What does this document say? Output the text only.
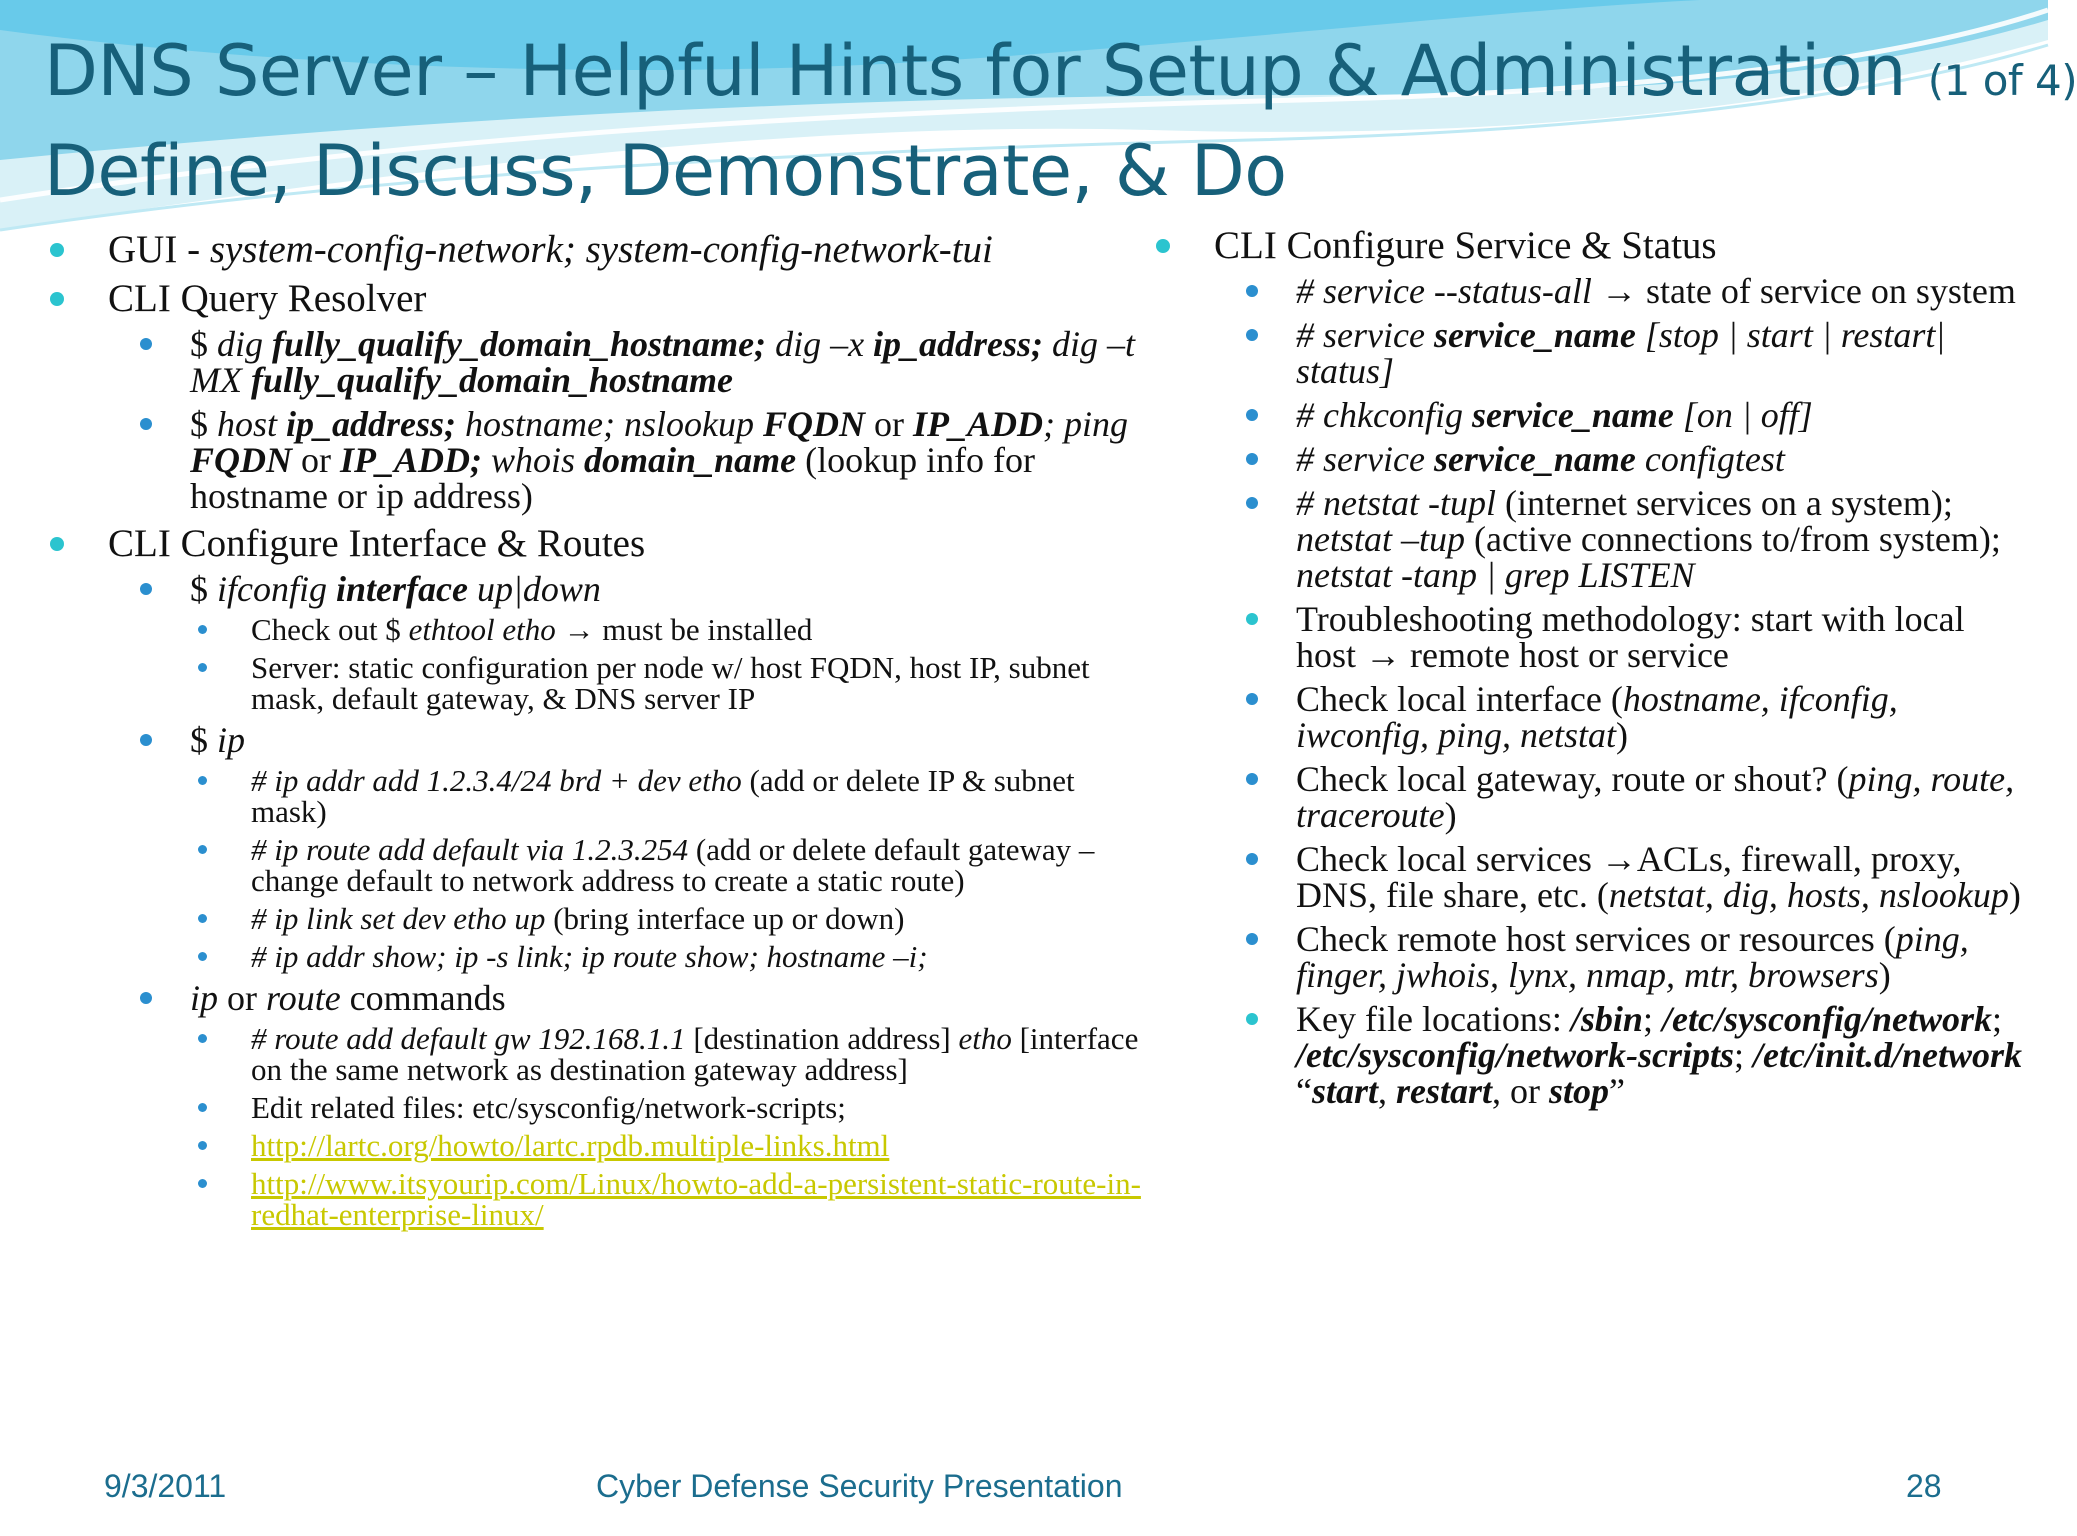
DNS Server – Helpful Hints for Setup & Administration (1 of 4)
Define, Discuss, Demonstrate, & Do
GUI - system-config-network; system-config-network-tui
CLI Query Resolver
$ dig fully_qualify_domain_hostname; dig –x ip_address; dig –t MX fully_qualify_domain_hostname
$ host ip_address; hostname; nslookup FQDN or IP_ADD; ping FQDN or IP_ADD; whois domain_name (lookup info for hostname or ip address)
CLI Configure Interface & Routes
$ ifconfig interface up|down
Check out $ ethtool etho → must be installed
Server: static configuration per node w/ host FQDN, host IP, subnet mask, default gateway, & DNS server IP
$ ip
# ip addr add 1.2.3.4/24 brd + dev etho (add or delete IP & subnet mask)
# ip route add default via 1.2.3.254 (add or delete default gateway – change default to network address to create a static route)
# ip link set dev etho up (bring interface up or down)
# ip addr show; ip -s link; ip route show; hostname –i;
ip or route commands
# route add default gw 192.168.1.1 [destination address] etho [interface on the same network as destination gateway address]
Edit related files: etc/sysconfig/network-scripts;
http://lartc.org/howto/lartc.rpdb.multiple-links.html
http://www.itsyourip.com/Linux/howto-add-a-persistent-static-route-in-redhat-enterprise-linux/
CLI Configure Service & Status
# service --status-all → state of service on system
# service service_name [stop | start | restart| status]
# chkconfig service_name [on | off]
# service service_name configtest
# netstat -tupl (internet services on a system); netstat –tup (active connections to/from system); netstat -tanp | grep LISTEN
Troubleshooting methodology: start with local host → remote host or service
Check local interface (hostname, ifconfig, iwconfig, ping, netstat)
Check local gateway, route or shout? (ping, route, traceroute)
Check local services →ACLs, firewall, proxy, DNS, file share, etc. (netstat, dig, hosts, nslookup)
Check remote host services or resources (ping, finger, jwhois, lynx, nmap, mtr, browsers)
Key file locations: /sbin; /etc/sysconfig/network; /etc/sysconfig/network-scripts; /etc/init.d/network “start, restart, or stop”
9/3/2011	Cyber Defense Security Presentation	28
